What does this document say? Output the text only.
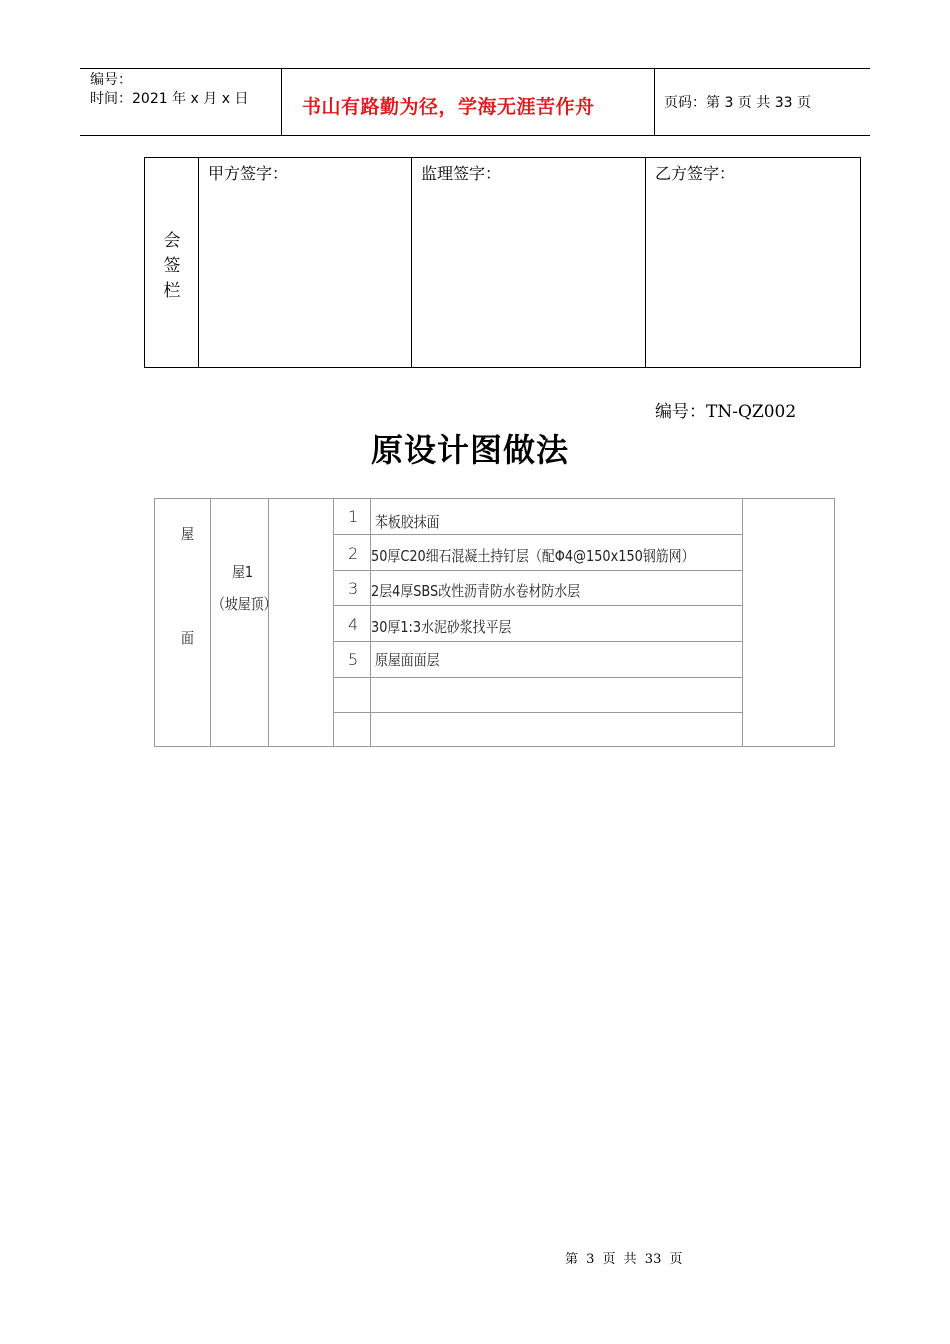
编号：
时间：2021 年 x 月 x 日	书山有路勤为径，学海无涯苦作舟	页码：第 3 页 共 33 页
会
签
栏
甲方签字：	监理签字：	乙方签字：
编号：TN-QZ002
原设计图做法
屋
面
屋1
（坡屋顶）
1 苯板胶抹面
2 50厚C20细石混凝土持钉层（配Φ4@150x150钢筋网）
3 2层4厚SBS改性沥青防水卷材防水层
4 30厚1:3水泥砂浆找平层
5 原屋面面层
第 3 页 共 33 页
